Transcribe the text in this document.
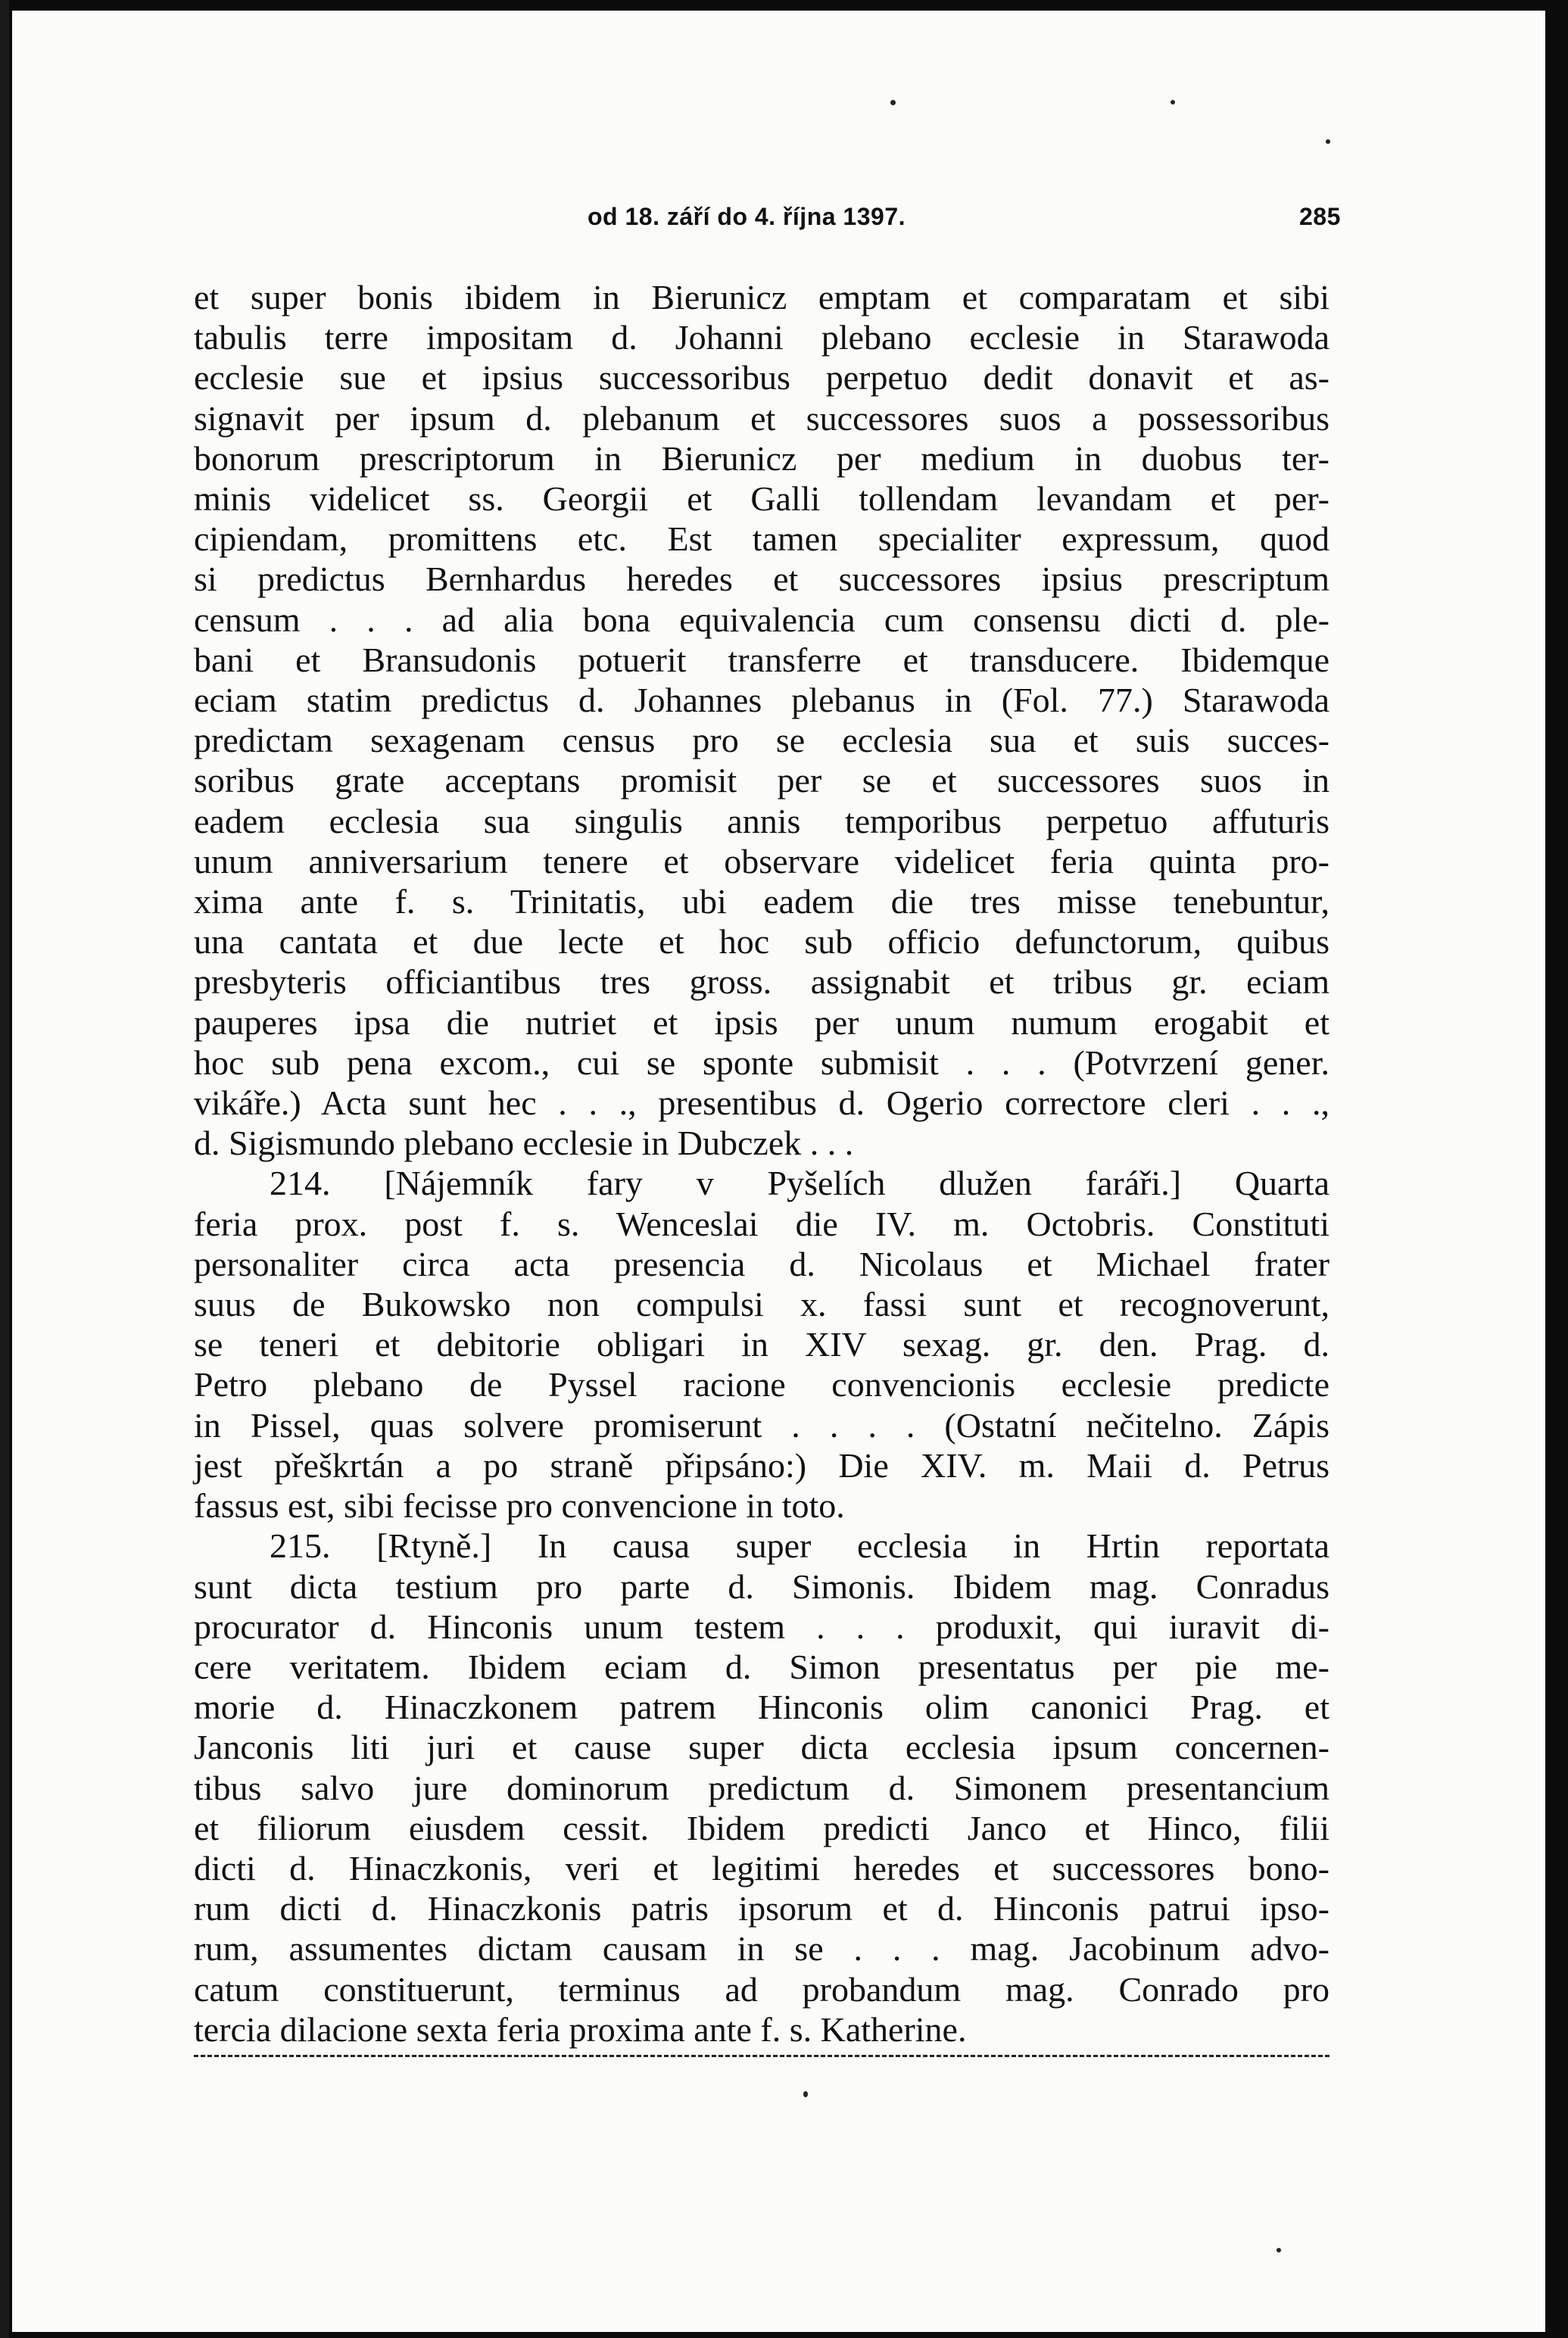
od 18. září do 4. října 1397.	285
et super bonis ibidem in Bierunicz emptam et comparatam et sibi
tabulis terre impositam d. Johanni plebano ecclesie in Starawoda
ecclesie sue et ipsius successoribus perpetuo dedit donavit et as-
signavit per ipsum d. plebanum et successores suos a possessoribus
bonorum prescriptorum in Bierunicz per medium in duobus ter-
minis videlicet ss. Georgii et Galli tollendam levandam et per-
cipiendam, promittens etc. Est tamen specialiter expressum, quod
si predictus Bernhardus heredes et successores ipsius prescriptum
censum . . . ad alia bona equivalencia cum consensu dicti d. ple-
bani et Bransudonis potuerit transferre et transducere. Ibidemque
eciam statim predictus d. Johannes plebanus in (Fol. 77.) Starawoda
predictam sexagenam census pro se ecclesia sua et suis succes-
soribus grate acceptans promisit per se et successores suos in
eadem ecclesia sua singulis annis temporibus perpetuo affuturis
unum anniversarium tenere et observare videlicet feria quinta pro-
xima ante f. s. Trinitatis, ubi eadem die tres misse tenebuntur,
una cantata et due lecte et hoc sub officio defunctorum, quibus
presbyteris officiantibus tres gross. assignabit et tribus gr. eciam
pauperes ipsa die nutriet et ipsis per unum numum erogabit et
hoc sub pena excom., cui se sponte submisit . . . (Potvrzení gener.
vikáře.) Acta sunt hec . . ., presentibus d. Ogerio correctore cleri . . .,
d. Sigismundo plebano ecclesie in Dubczek . . .
214. [Nájemník fary v Pyšelích dlužen faráři.] Quarta
feria prox. post f. s. Wenceslai die IV. m. Octobris. Constituti
personaliter circa acta presencia d. Nicolaus et Michael frater
suus de Bukowsko non compulsi x. fassi sunt et recognoverunt,
se teneri et debitorie obligari in XIV sexag. gr. den. Prag. d.
Petro plebano de Pyssel racione convencionis ecclesie predicte
in Pissel, quas solvere promiserunt . . . . (Ostatní nečitelno. Zápis
jest přeškrtán a po straně připsáno:) Die XIV. m. Maii d. Petrus
fassus est, sibi fecisse pro convencione in toto.
215. [Rtyně.] In causa super ecclesia in Hrtin reportata
sunt dicta testium pro parte d. Simonis. Ibidem mag. Conradus
procurator d. Hinconis unum testem . . . produxit, qui iuravit di-
cere veritatem. Ibidem eciam d. Simon presentatus per pie me-
morie d. Hinaczkonem patrem Hinconis olim canonici Prag. et
Janconis liti juri et cause super dicta ecclesia ipsum concernen-
tibus salvo jure dominorum predictum d. Simonem presentancium
et filiorum eiusdem cessit. Ibidem predicti Janco et Hinco, filii
dicti d. Hinaczkonis, veri et legitimi heredes et successores bono-
rum dicti d. Hinaczkonis patris ipsorum et d. Hinconis patrui ipso-
rum, assumentes dictam causam in se . . . mag. Jacobinum advo-
catum constituerunt, terminus ad probandum mag. Conrado pro
tercia dilacione sexta feria proxima ante f. s. Katherine.
